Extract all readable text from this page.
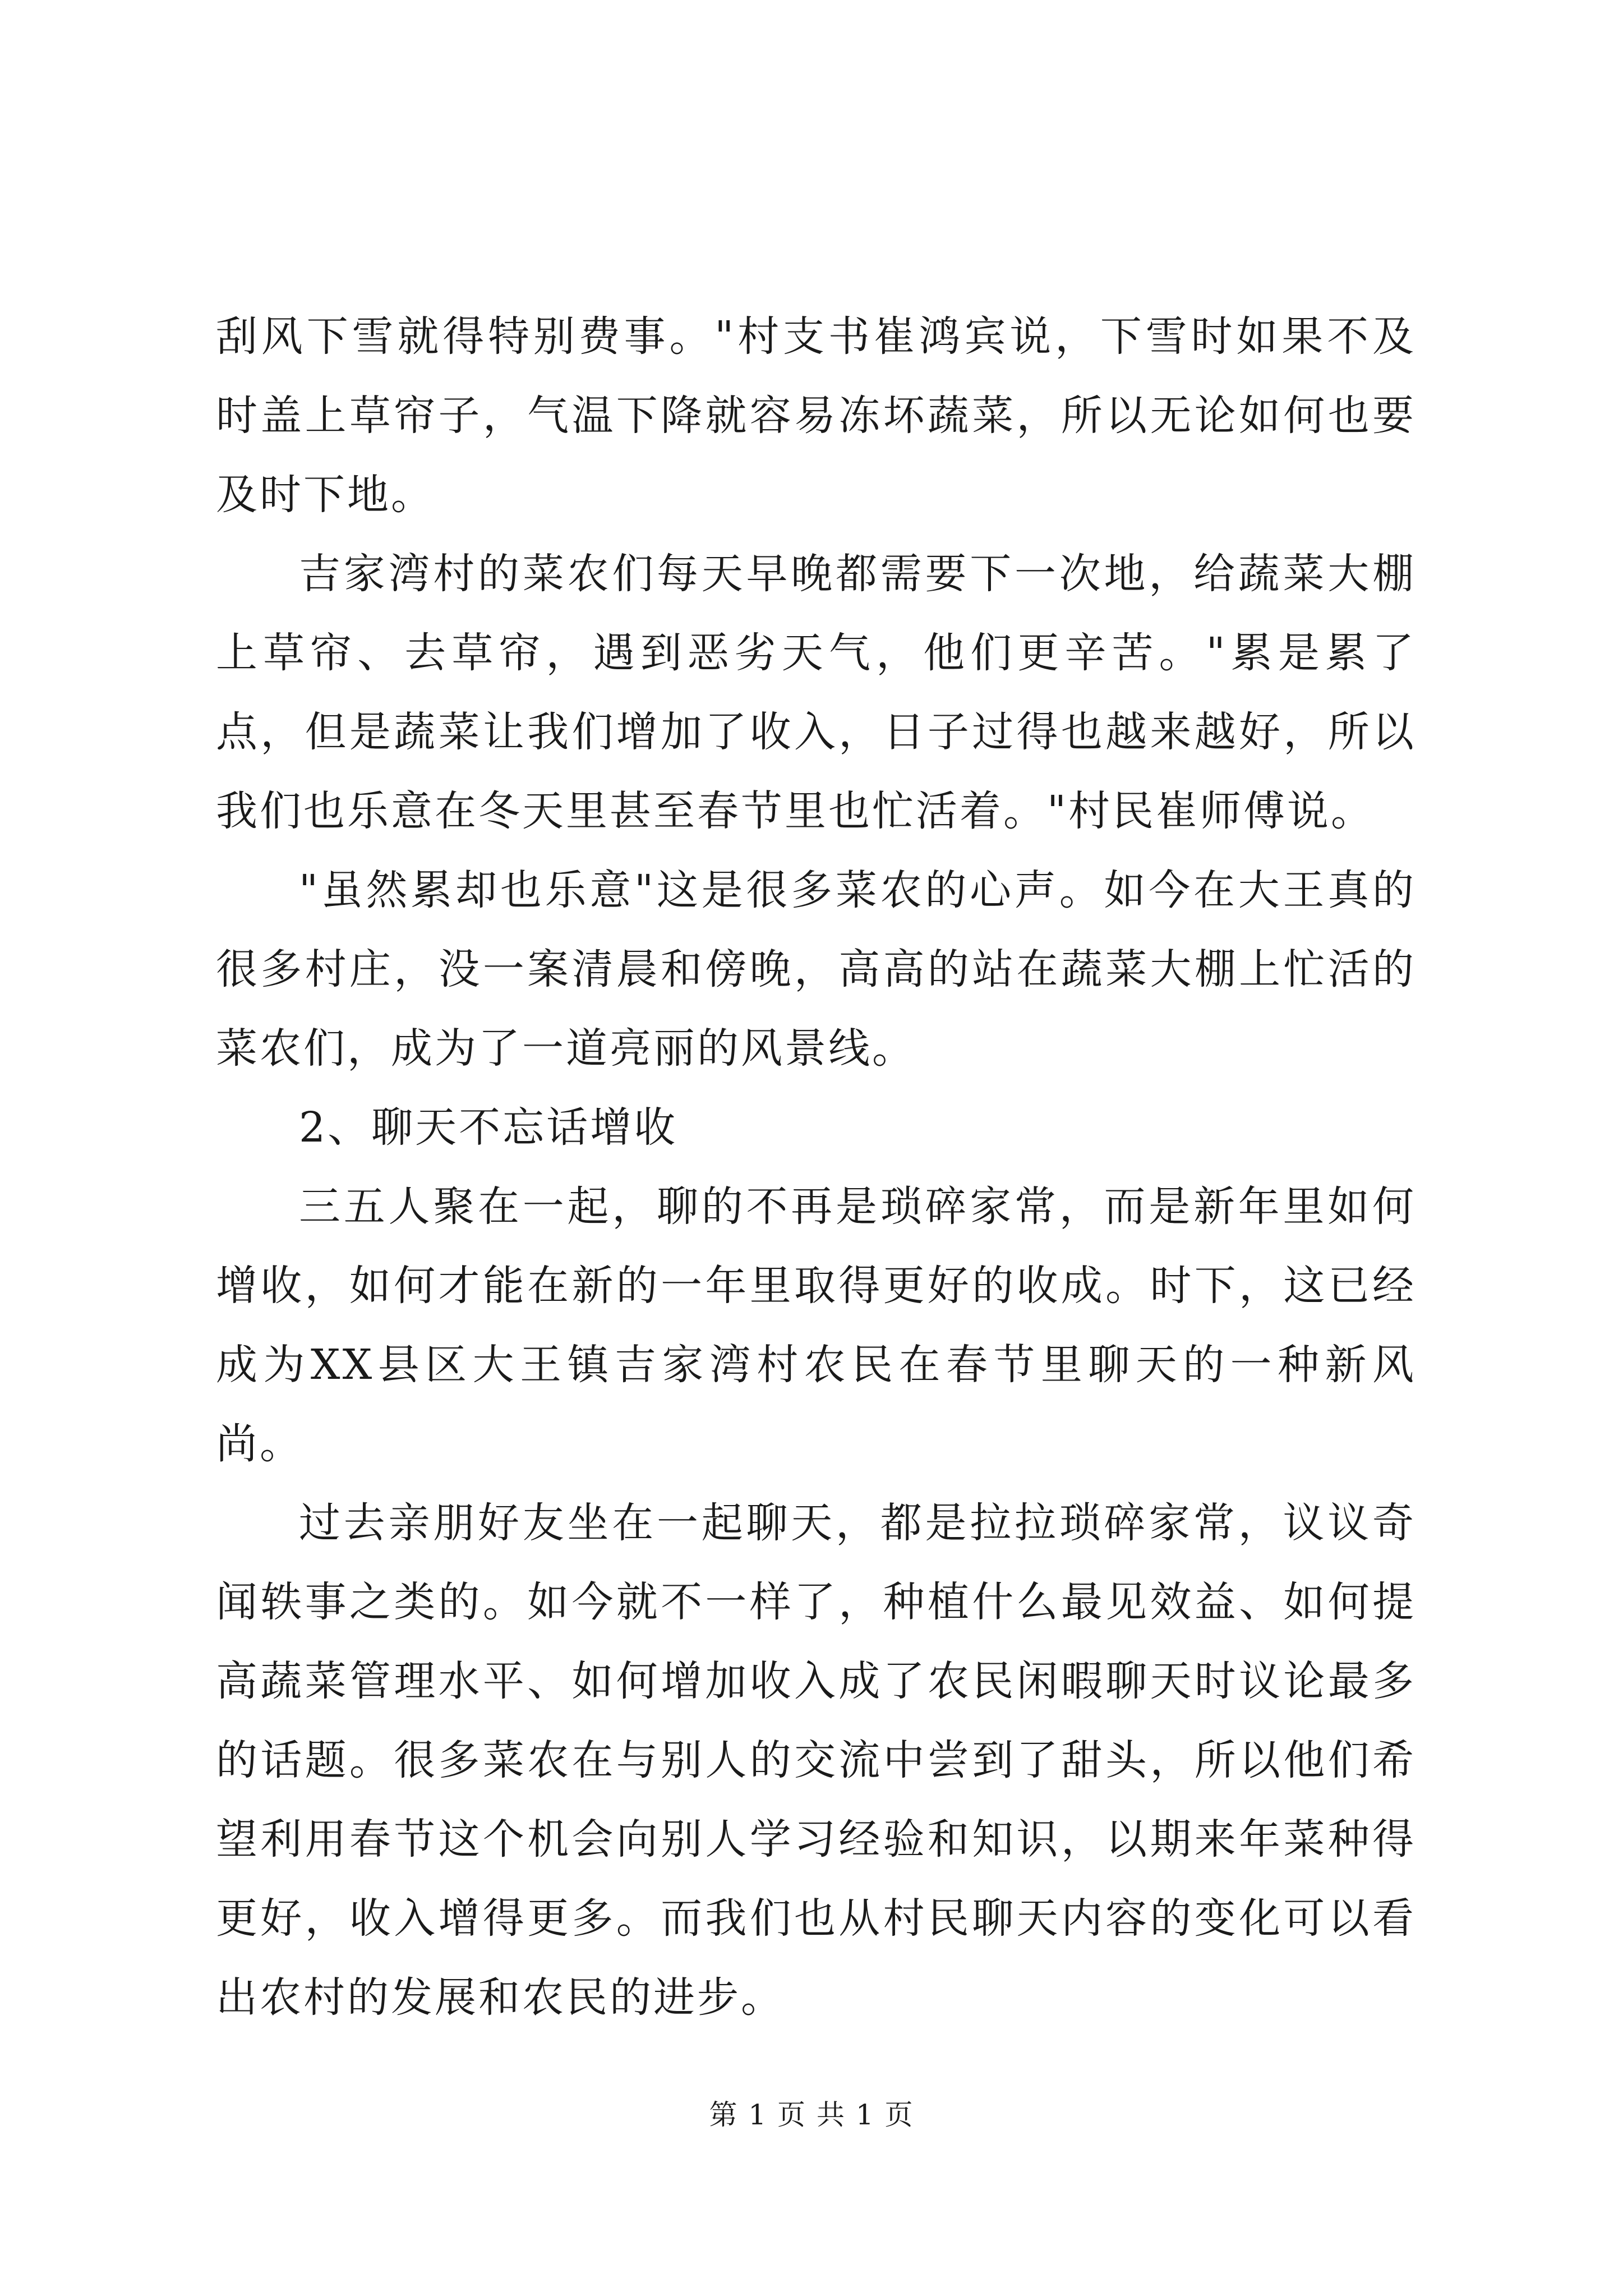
刮风下雪就得特别费事。"村支书崔鸿宾说，下雪时如果不及时盖上草帘子，气温下降就容易冻坏蔬菜，所以无论如何也要及时下地。

吉家湾村的菜农们每天早晚都需要下一次地，给蔬菜大棚上草帘、去草帘，遇到恶劣天气，他们更辛苦。"累是累了点，但是蔬菜让我们增加了收入，日子过得也越来越好，所以我们也乐意在冬天里甚至春节里也忙活着。"村民崔师傅说。

"虽然累却也乐意"这是很多菜农的心声。如今在大王真的很多村庄，没一案清晨和傍晚，高高的站在蔬菜大棚上忙活的菜农们，成为了一道亮丽的风景线。

2、聊天不忘话增收

三五人聚在一起，聊的不再是琐碎家常，而是新年里如何增收，如何才能在新的一年里取得更好的收成。时下，这已经成为XX县区大王镇吉家湾村农民在春节里聊天的一种新风尚。

过去亲朋好友坐在一起聊天，都是拉拉琐碎家常，议议奇闻轶事之类的。如今就不一样了，种植什么最见效益、如何提高蔬菜管理水平、如何增加收入成了农民闲暇聊天时议论最多的话题。很多菜农在与别人的交流中尝到了甜头，所以他们希望利用春节这个机会向别人学习经验和知识，以期来年菜种得更好，收入增得更多。而我们也从村民聊天内容的变化可以看出农村的发展和农民的进步。

第 1 页 共 1 页
